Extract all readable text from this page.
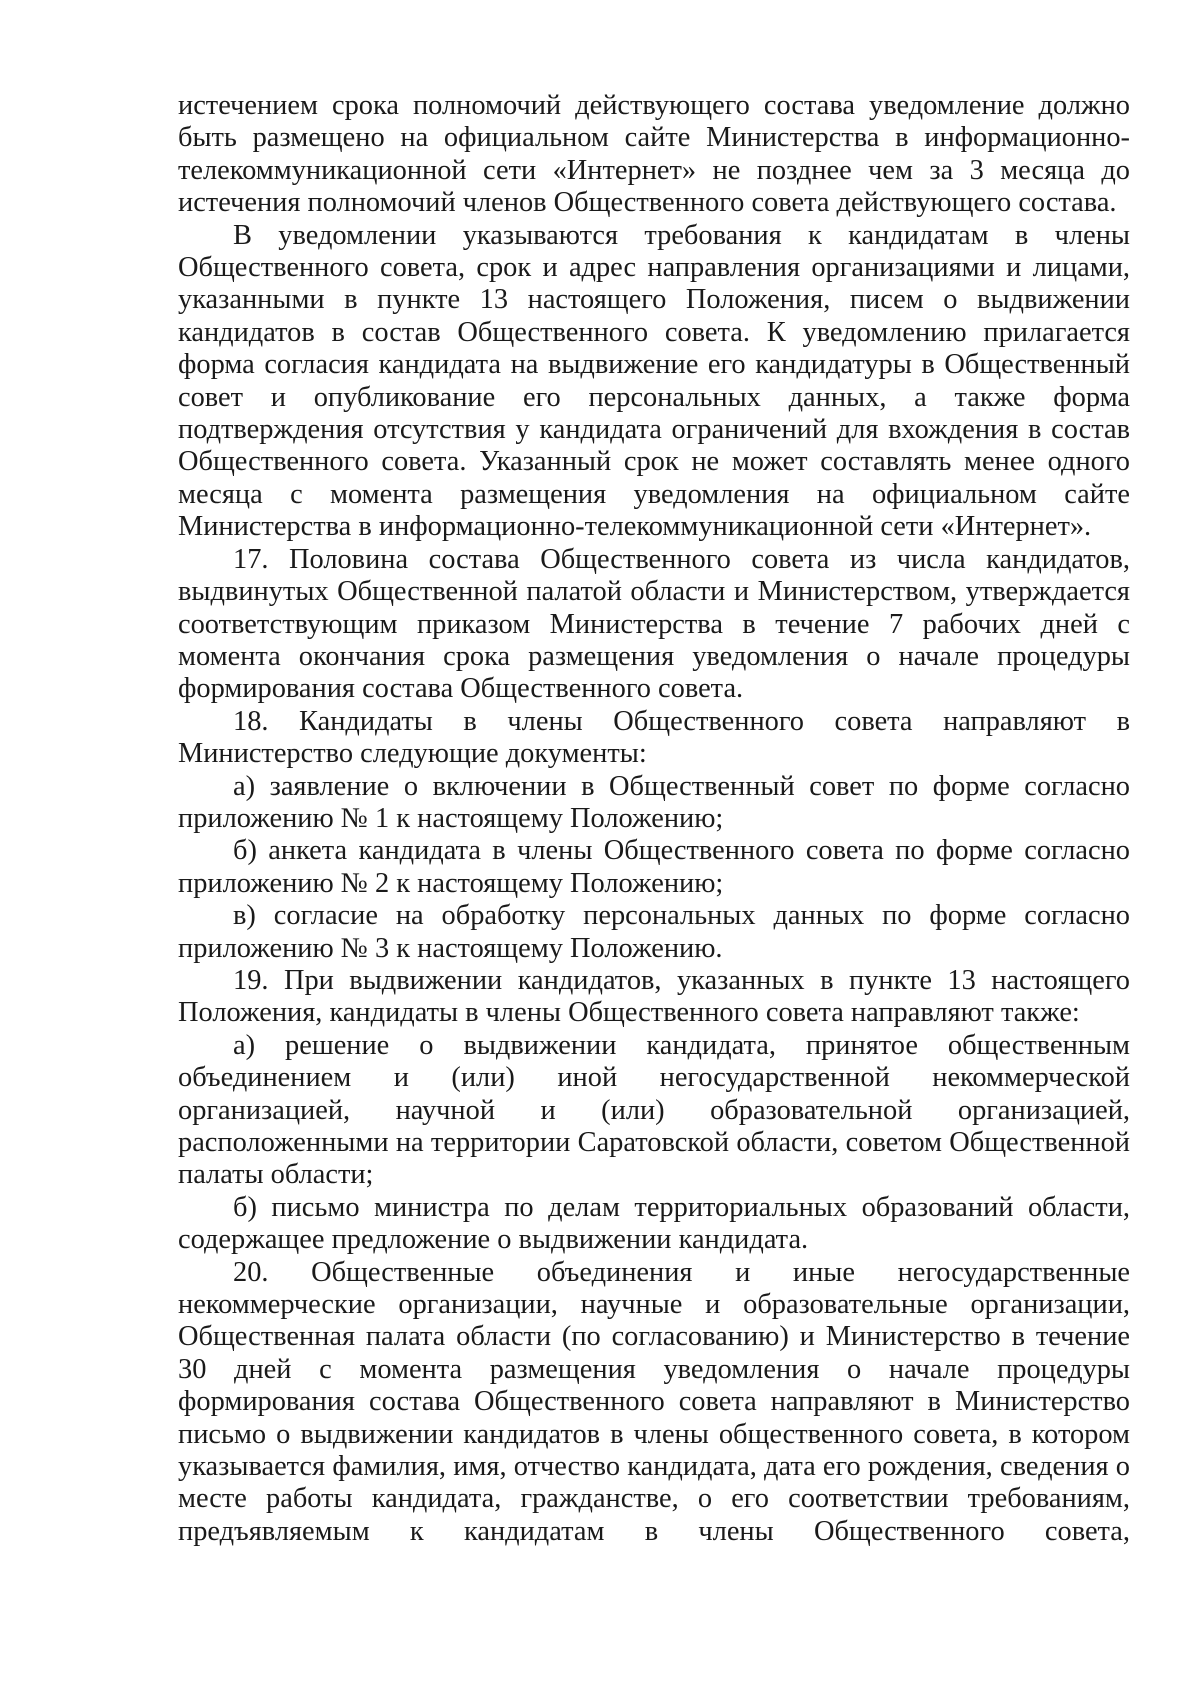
истечением срока полномочий действующего состава уведомление должно быть размещено на официальном сайте Министерства в информационно-телекоммуникационной сети «Интернет» не позднее чем за 3 месяца до истечения полномочий членов Общественного совета действующего состава.

В уведомлении указываются требования к кандидатам в члены Общественного совета, срок и адрес направления организациями и лицами, указанными в пункте 13 настоящего Положения, писем о выдвижении кандидатов в состав Общественного совета. К уведомлению прилагается форма согласия кандидата на выдвижение его кандидатуры в Общественный совет и опубликование его персональных данных, а также форма подтверждения отсутствия у кандидата ограничений для вхождения в состав Общественного совета. Указанный срок не может составлять менее одного месяца с момента размещения уведомления на официальном сайте Министерства в информационно-телекоммуникационной сети «Интернет».

17. Половина состава Общественного совета из числа кандидатов, выдвинутых Общественной палатой области и Министерством, утверждается соответствующим приказом Министерства в течение 7 рабочих дней с момента окончания срока размещения уведомления о начале процедуры формирования состава Общественного совета.

18. Кандидаты в члены Общественного совета направляют в Министерство следующие документы:

а) заявление о включении в Общественный совет по форме согласно приложению № 1 к настоящему Положению;

б) анкета кандидата в члены Общественного совета по форме согласно приложению № 2 к настоящему Положению;

в) согласие на обработку персональных данных по форме согласно приложению № 3 к настоящему Положению.

19. При выдвижении кандидатов, указанных в пункте 13 настоящего Положения, кандидаты в члены Общественного совета направляют также:

а) решение о выдвижении кандидата, принятое общественным объединением и (или) иной негосударственной некоммерческой организацией, научной и (или) образовательной организацией, расположенными на территории Саратовской области, советом Общественной палаты области;

б) письмо министра по делам территориальных образований области, содержащее предложение о выдвижении кандидата.

20. Общественные объединения и иные негосударственные некоммерческие организации, научные и образовательные организации, Общественная палата области (по согласованию) и Министерство в течение 30 дней с момента размещения уведомления о начале процедуры формирования состава Общественного совета направляют в Министерство письмо о выдвижении кандидатов в члены общественного совета, в котором указывается фамилия, имя, отчество кандидата, дата его рождения, сведения о месте работы кандидата, гражданстве, о его соответствии требованиям, предъявляемым к кандидатам в члены Общественного совета,
